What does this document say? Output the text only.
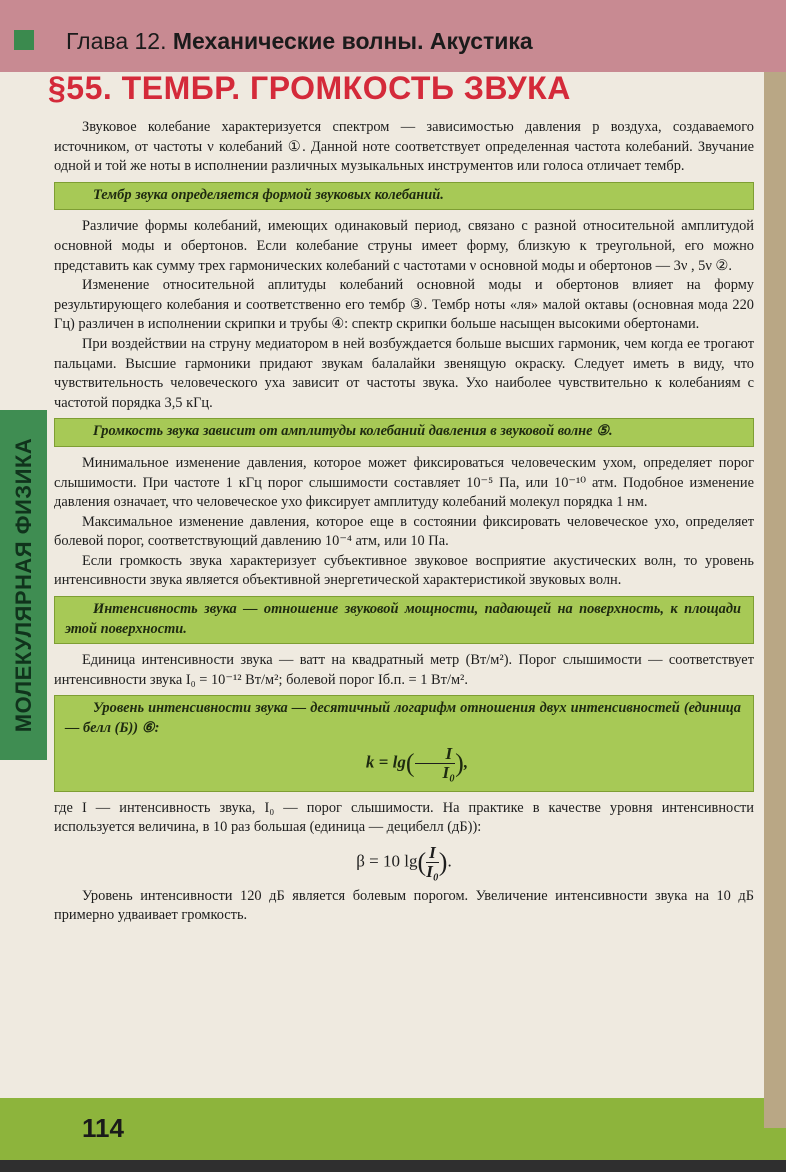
Глава 12. Механические волны. Акустика
МОЛЕКУЛЯРНАЯ ФИЗИКА
§55. ТЕМБР. ГРОМКОСТЬ ЗВУКА

Звуковое колебание характеризуется спектром — зависимостью давления p воздуха, создаваемого источником, от частоты ν колебаний ①. Данной ноте соответствует определенная частота колебаний. Звучание одной и той же ноты в исполнении различных музыкальных инструментов или голоса отличает тембр.

Тембр звука определяется формой звуковых колебаний.

Различие формы колебаний, имеющих одинаковый период, связано с разной относительной амплитудой основной моды и обертонов. Если колебание струны имеет форму, близкую к треугольной, его можно представить как сумму трех гармонических колебаний с частотами ν основной моды и обертонов — 3ν , 5ν ②.

Изменение относительной аплитуды колебаний основной моды и обертонов влияет на форму результирующего колебания и соответственно его тембр ③. Тембр ноты «ля» малой октавы (основная мода 220 Гц) различен в исполнении скрипки и трубы ④: спектр скрипки больше насыщен высокими обертонами.

При воздействии на струну медиатором в ней возбуждается больше высших гармоник, чем когда ее трогают пальцами. Высшие гармоники придают звукам балалайки звенящую окраску. Следует иметь в виду, что чувствительность человеческого уха зависит от частоты звука. Ухо наиболее чувствительно к колебаниям с частотой порядка 3,5 кГц.

Громкость звука зависит от амплитуды колебаний давления в звуковой волне ⑤.

Минимальное изменение давления, которое может фиксироваться человеческим ухом, определяет порог слышимости. При частоте 1 кГц порог слышимости составляет 10⁻⁵ Па, или 10⁻¹⁰ атм. Подобное изменение давления означает, что человеческое ухо фиксирует амплитуду колебаний молекул порядка 1 нм.

Максимальное изменение давления, которое еще в состоянии фиксировать человеческое ухо, определяет болевой порог, соответствующий давлению 10⁻⁴ атм, или 10 Па.

Если громкость звука характеризует субъективное звуковое восприятие акустических волн, то уровень интенсивности звука является объективной энергетической характеристикой звуковых волн.

Интенсивность звука — отношение звуковой мощности, падающей на поверхность, к площади этой поверхности.

Единица интенсивности звука — ватт на квадратный метр (Вт/м²). Порог слышимости — соответствует интенсивности звука I₀ = 10⁻¹² Вт/м²; болевой порог Iб.п. = 1 Вт/м².

Уровень интенсивности звука — десятичный логарифм отношения двух интенсивностей (единица — белл (Б)) ⑥:
$k = \lg( \frac{I}{\text{I₀}}$ ),

где I — интенсивность звука, I₀ — порог слышимости. На практике в качестве уровня интенсивности используется величина, в 10 раз большая (единица — децибелл (дБ)):

β = 10 $\lg( \frac{I}{\text{I₀}}$ ).

Уровень интенсивности 120 дБ является болевым порогом. Увеличение интенсивности звука на 10 дБ примерно удваивает громкость.

114
